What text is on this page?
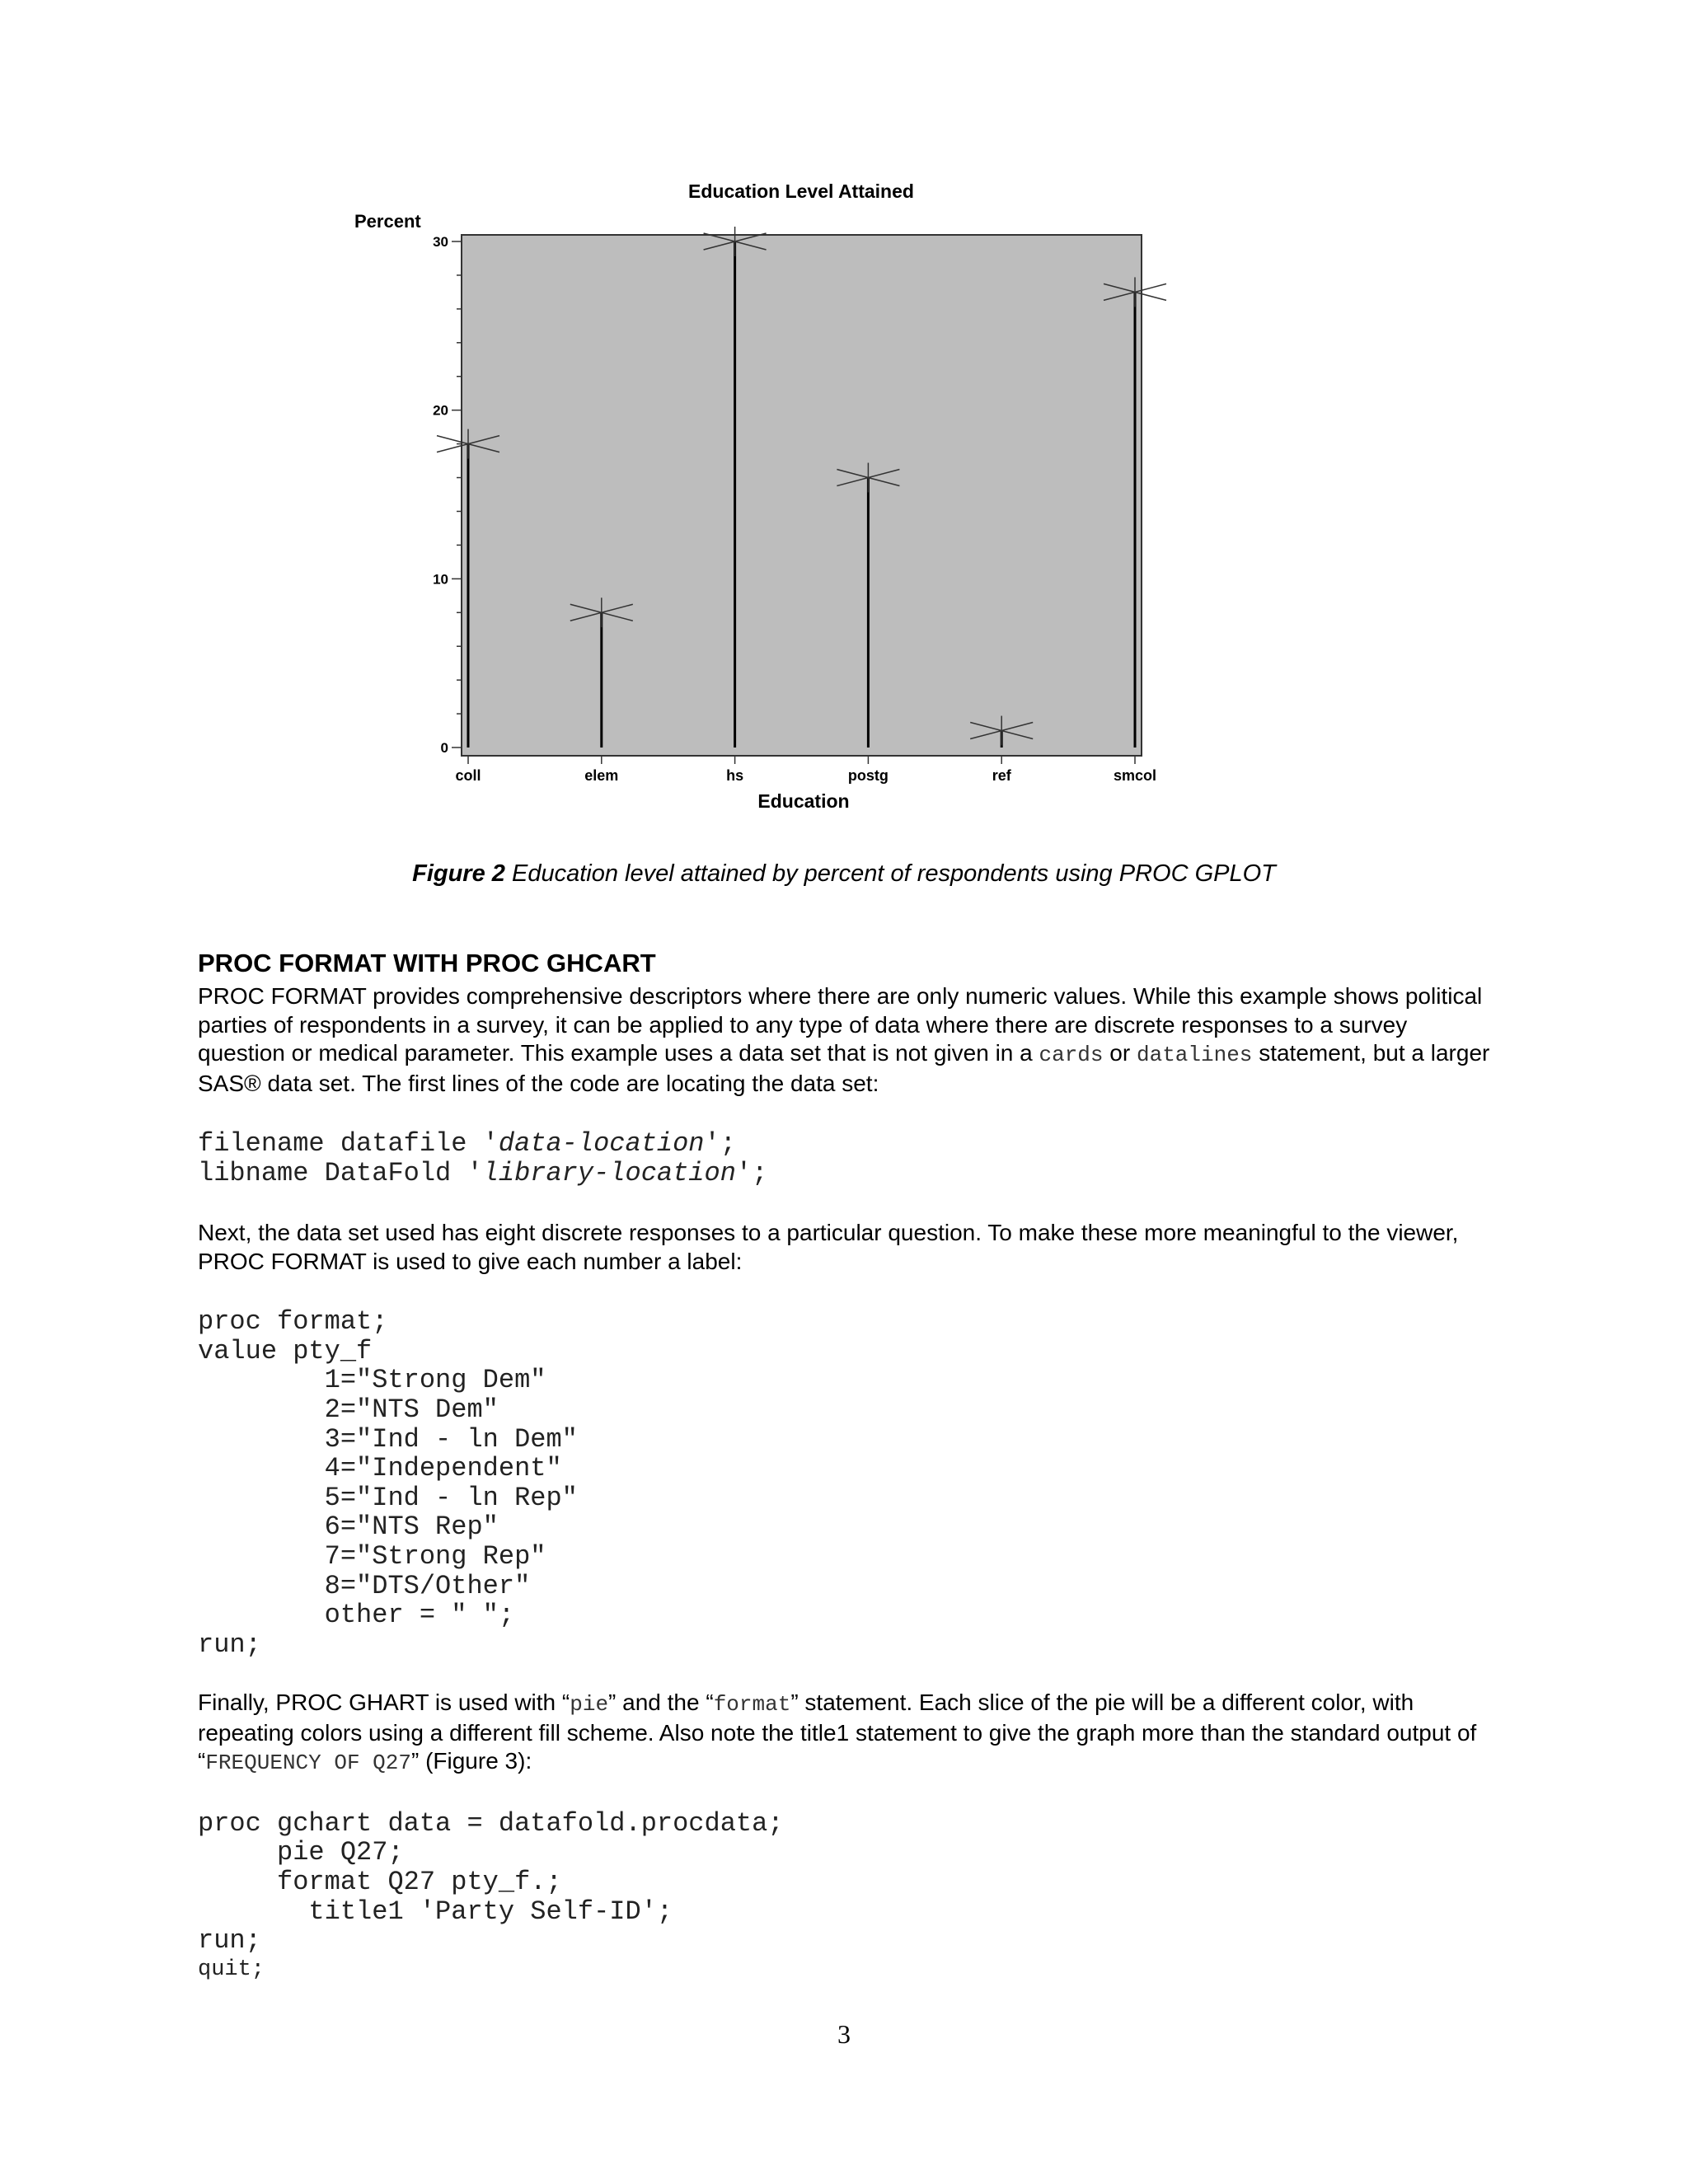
Education Level Attained
Percent
Education
0
10
20
30
coll	elem	hs	postg	ref	smcol
Figure 2 Education level attained by percent of respondents using PROC GPLOT
PROC FORMAT WITH PROC GHCART

PROC FORMAT provides comprehensive descriptors where there are only numeric values. While this example shows political parties of respondents in a survey, it can be applied to any type of data where there are discrete responses to a survey question or medical parameter. This example uses a data set that is not given in a cards or datalines statement, but a larger SAS® data set. The first lines of the code are locating the data set:

filename datafile 'data-location';
libname DataFold 'library-location';

Next, the data set used has eight discrete responses to a particular question. To make these more meaningful to the viewer, PROC FORMAT is used to give each number a label:

proc format;
value pty_f
1="Strong Dem"
2="NTS Dem"
3="Ind - ln Dem"
4="Independent"
5="Ind - ln Rep"
6="NTS Rep"
7="Strong Rep"
8="DTS/Other"
other = " ";
run;

Finally, PROC GHART is used with “pie” and the “format” statement. Each slice of the pie will be a different color, with repeating colors using a different fill scheme. Also note the title1 statement to give the graph more than the standard output of “FREQUENCY OF Q27” (Figure 3):

proc gchart data = datafold.procdata;
pie Q27;
format Q27 pty_f.;
title1 'Party Self-ID';
run;
quit;
3
